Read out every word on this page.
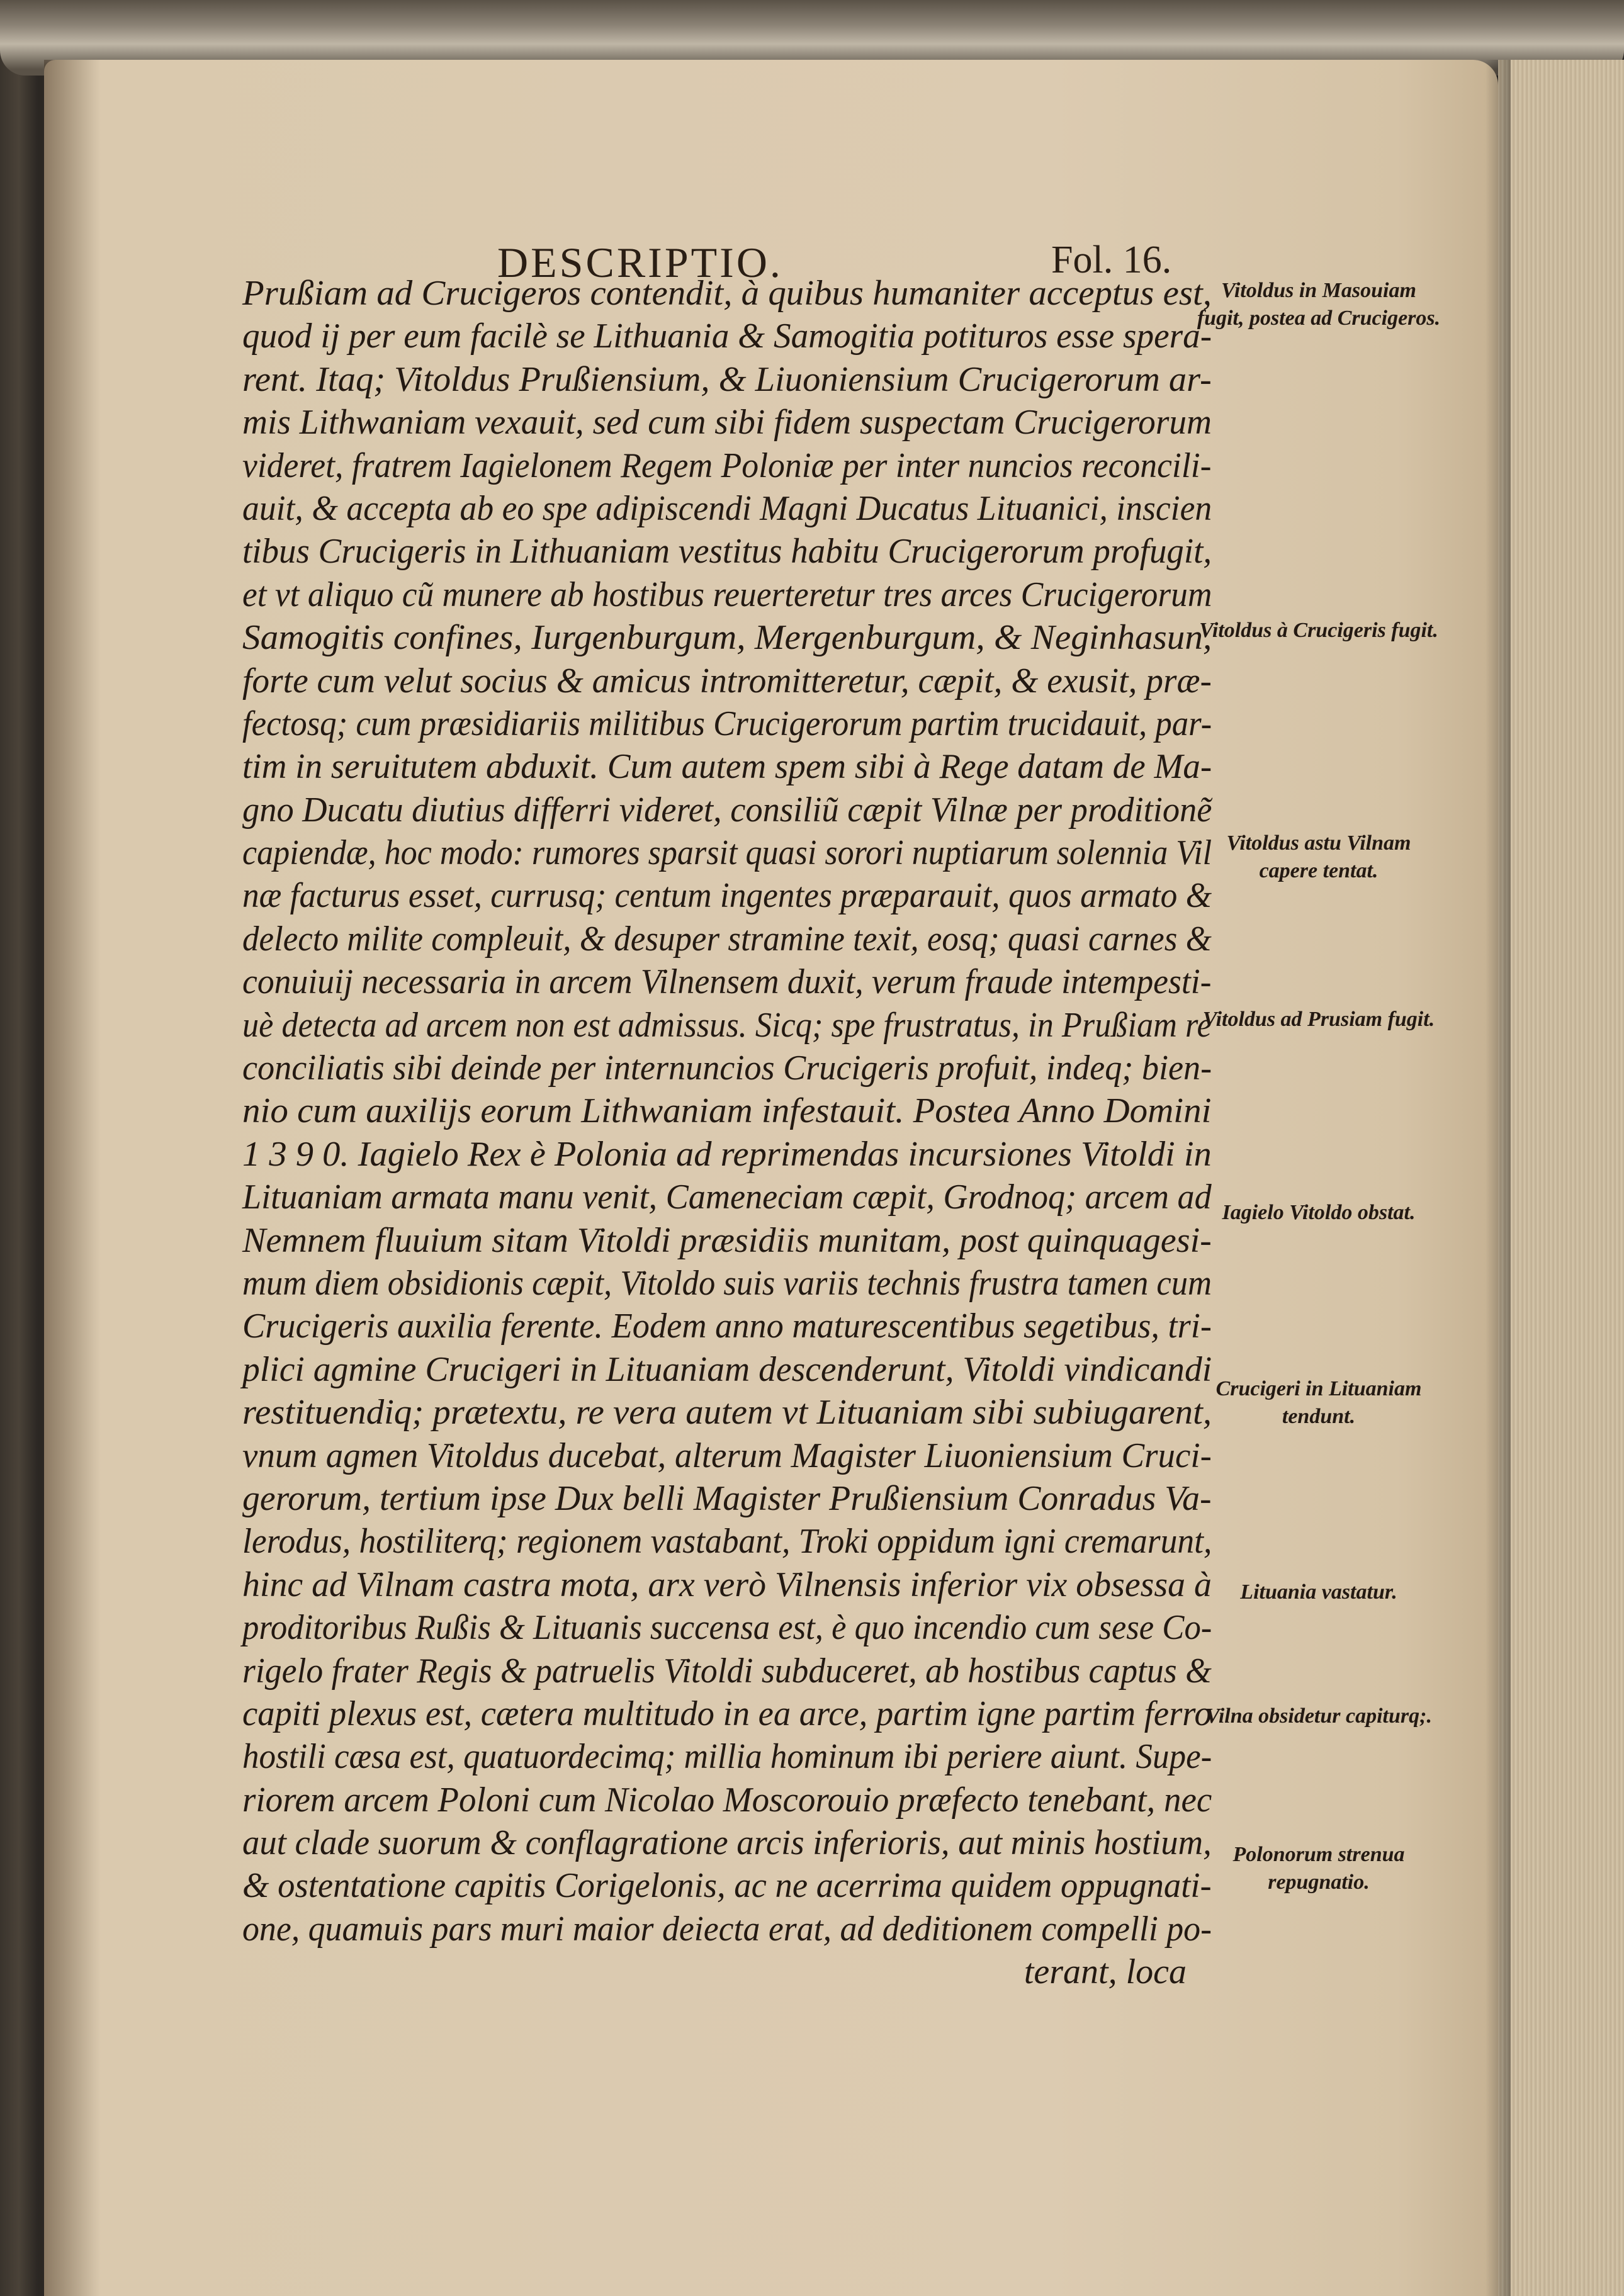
DESCRIPTIO.	Fol. 16.
Prußiam ad Crucigeros contendit, à quibus humaniter acceptus est,
quod ij per eum facilè se Lithuania & Samogitia potituros esse spera-
rent. Itaq; Vitoldus Prußiensium, & Liuoniensium Crucigerorum ar-
mis Lithwaniam vexauit, sed cum sibi fidem suspectam Crucigerorum
videret, fratrem Iagielonem Regem Poloniæ per inter nuncios reconcili-
auit, & accepta ab eo spe adipiscendi Magni Ducatus Lituanici, inscien
tibus Crucigeris in Lithuaniam vestitus habitu Crucigerorum profugit,
et vt aliquo cũ munere ab hostibus reuerteretur tres arces Crucigerorum
Samogitis confines, Iurgenburgum, Mergenburgum, & Neginhasun,
forte cum velut socius & amicus intromitteretur, cæpit, & exusit, præ-
fectosq; cum præsidiariis militibus Crucigerorum partim trucidauit, par-
tim in seruitutem abduxit. Cum autem spem sibi à Rege datam de Ma-
gno Ducatu diutius differri videret, consiliũ cæpit Vilnæ per proditionẽ
capiendæ, hoc modo: rumores sparsit quasi sorori nuptiarum solennia Vil
næ facturus esset, currusq; centum ingentes præparauit, quos armato &
delecto milite compleuit, & desuper stramine texit, eosq; quasi carnes &
conuiuij necessaria in arcem Vilnensem duxit, verum fraude intempesti-
uè detecta ad arcem non est admissus. Sicq; spe frustratus, in Prußiam re
conciliatis sibi deinde per internuncios Crucigeris profuit, indeq; bien-
nio cum auxilijs eorum Lithwaniam infestauit. Postea Anno Domini
1 3 9 0. Iagielo Rex è Polonia ad reprimendas incursiones Vitoldi in
Lituaniam armata manu venit, Cameneciam cæpit, Grodnoq; arcem ad
Nemnem fluuium sitam Vitoldi præsidiis munitam, post quinquagesi-
mum diem obsidionis cæpit, Vitoldo suis variis technis frustra tamen cum
Crucigeris auxilia ferente. Eodem anno maturescentibus segetibus, tri-
plici agmine Crucigeri in Lituaniam descenderunt, Vitoldi vindicandi
restituendiq; prætextu, re vera autem vt Lituaniam sibi subiugarent,
vnum agmen Vitoldus ducebat, alterum Magister Liuoniensium Cruci-
gerorum, tertium ipse Dux belli Magister Prußiensium Conradus Va-
lerodus, hostiliterq; regionem vastabant, Troki oppidum igni cremarunt,
hinc ad Vilnam castra mota, arx verò Vilnensis inferior vix obsessa à
proditoribus Rußis & Lituanis succensa est, è quo incendio cum sese Co-
rigelo frater Regis & patruelis Vitoldi subduceret, ab hostibus captus &
capiti plexus est, cætera multitudo in ea arce, partim igne partim ferro
hostili cæsa est, quatuordecimq; millia hominum ibi periere aiunt. Supe-
riorem arcem Poloni cum Nicolao Moscorouio præfecto tenebant, nec
aut clade suorum & conflagratione arcis inferioris, aut minis hostium,
& ostentatione capitis Corigelonis, ac ne acerrima quidem oppugnati-
one, quamuis pars muri maior deiecta erat, ad deditionem compelli po-
terant, loca
Vitoldus in Masouiam fugit, postea ad Crucigeros.
Vitoldus à Crucigeris fugit.
Vitoldus astu Vilnam capere tentat.
Vitoldus ad Prusiam fugit.
Iagielo Vitoldo obstat.
Crucigeri in Lituaniam tendunt.
Lituania vastatur.
Vilna obsidetur capiturq;.
Polonorum strenua repugnatio.
